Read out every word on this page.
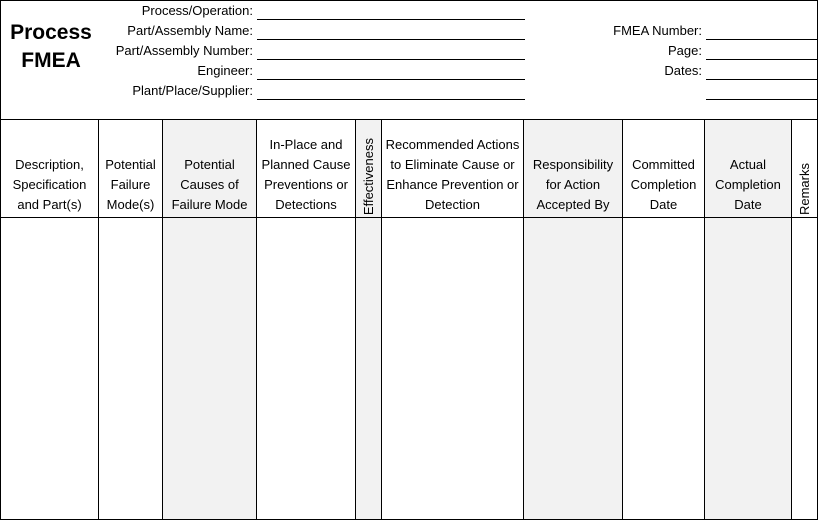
Process
FMEA
Process/Operation:
Part/Assembly Name:
Part/Assembly Number:
Engineer:
Plant/Place/Supplier:
FMEA Number:
Page:
Dates:
Description, Specification and Part(s)
Potential Failure Mode(s)
Potential Causes of Failure Mode
In-Place and Planned Cause Preventions or Detections	Effectiveness Recommended Actions to Eliminate Cause or Enhance Prevention or Detection
Responsibility for Action Accepted By
Committed Completion Date
Actual Completion Date	Remarks
